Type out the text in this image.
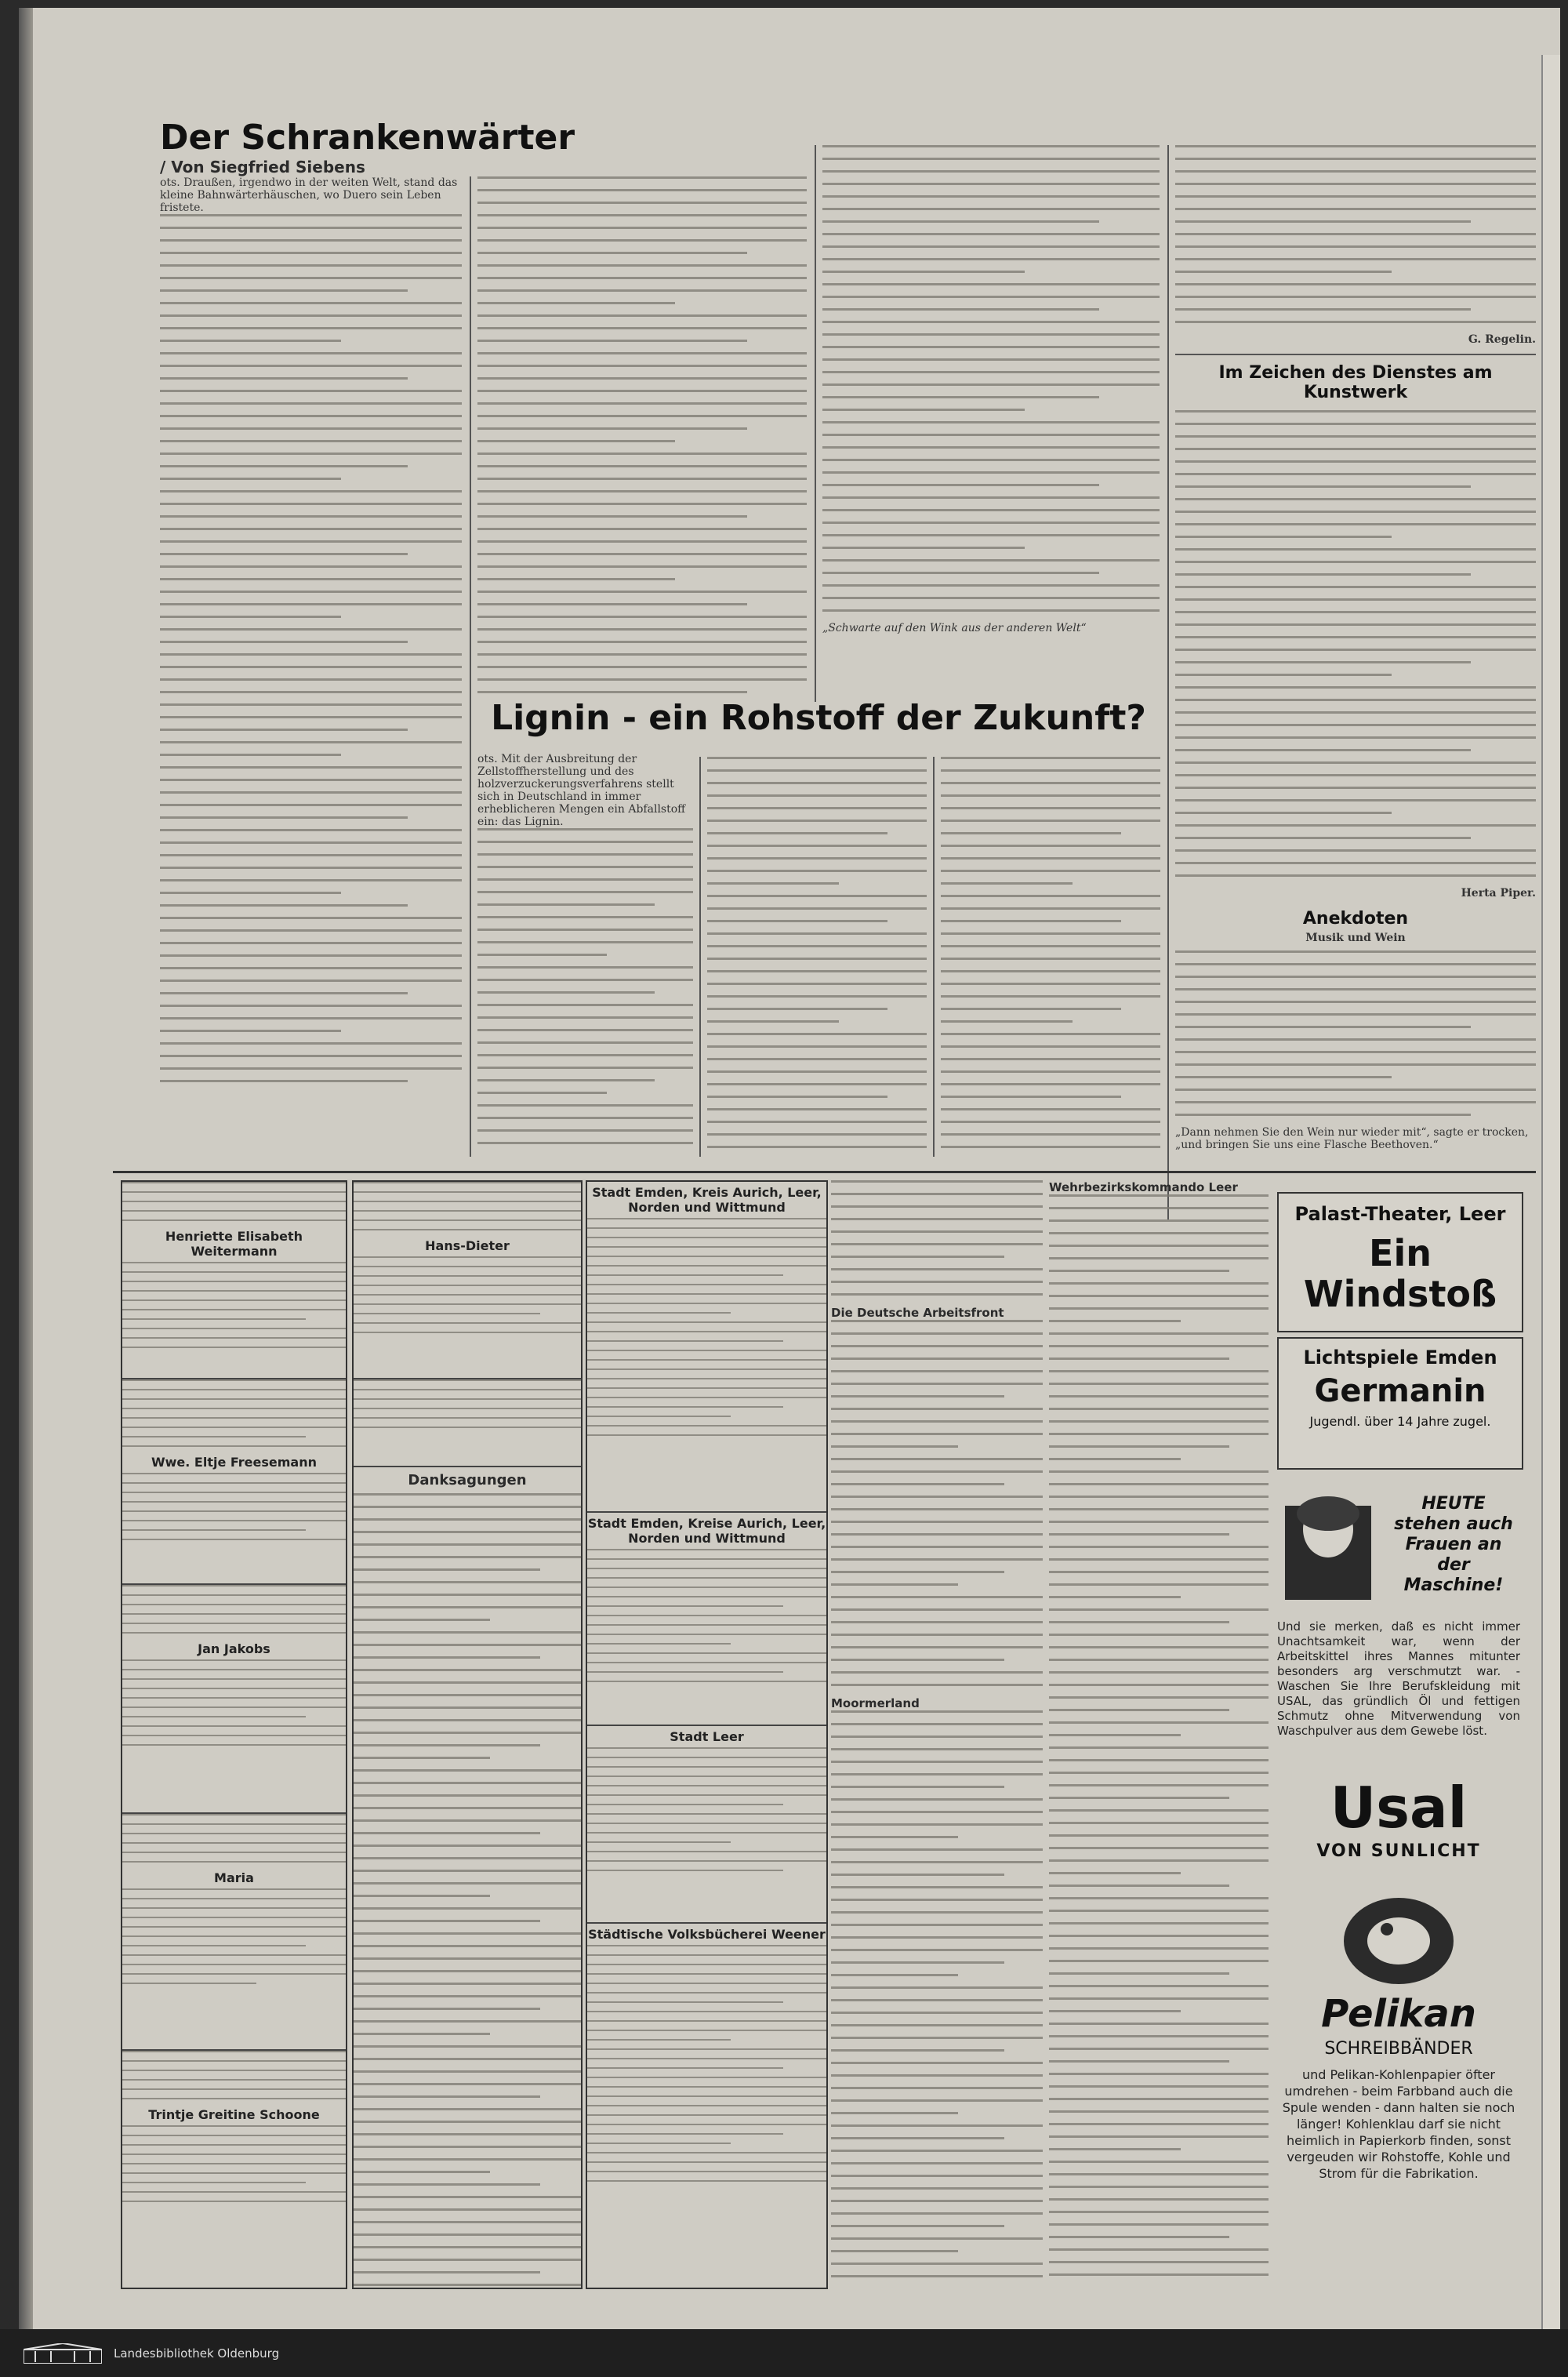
Der Schrankenwärter / Von Siegfried Siebens
ots. Draußen, irgendwo in der weiten Welt, stand das kleine Bahnwärterhäuschen, wo Duero sein Leben fristete.
„Schwarte auf den Wink aus der anderen Welt“
G. Regelin.
Im Zeichen des Dienstes am Kunstwerk
Herta Piper.
Anekdoten
Musik und Wein
„Dann nehmen Sie den Wein nur wieder mit“, sagte er trocken, „und bringen Sie uns eine Flasche Beethoven.“
Lignin - ein Rohstoff der Zukunft?
ots. Mit der Ausbreitung der Zellstoffherstellung und des holzverzuckerungsverfahrens stellt sich in Deutschland in immer erheblicheren Mengen ein Abfallstoff ein: das Lignin.
Henriette Elisabeth Weitermann
Wwe. Eltje Freesemann
Jan Jakobs
Maria
Trintje Greitine Schoone
Hans-Dieter
Danksagungen
Stadt Emden, Kreis Aurich, Leer, Norden und Wittmund
Stadt Emden, Kreise Aurich, Leer, Norden und Wittmund
Stadt Leer
Städtische Volksbücherei Weener
Die Deutsche Arbeitsfront
Moormerland
Wehrbezirkskommando Leer
Palast-Theater, Leer
Ein Windstoß
Lichtspiele Emden
Germanin
Jugendl. über 14 Jahre zugel.
HEUTE stehen auch Frauen an der Maschine!
Und sie merken, daß es nicht immer Unachtsamkeit war, wenn der Arbeitskittel ihres Mannes mitunter besonders arg verschmutzt war. - Waschen Sie Ihre Berufskleidung mit USAL, das gründlich Öl und fettigen Schmutz ohne Mitverwendung von Waschpulver aus dem Gewebe löst.
Usal
VON SUNLICHT
Pelikan
SCHREIBBÄNDER
und Pelikan-Kohlenpapier öfter umdrehen - beim Farbband auch die Spule wenden - dann halten sie noch länger! Kohlenklau darf sie nicht heimlich in Papierkorb finden, sonst vergeuden wir Rohstoffe, Kohle und Strom für die Fabrikation.
Landesbibliothek Oldenburg
